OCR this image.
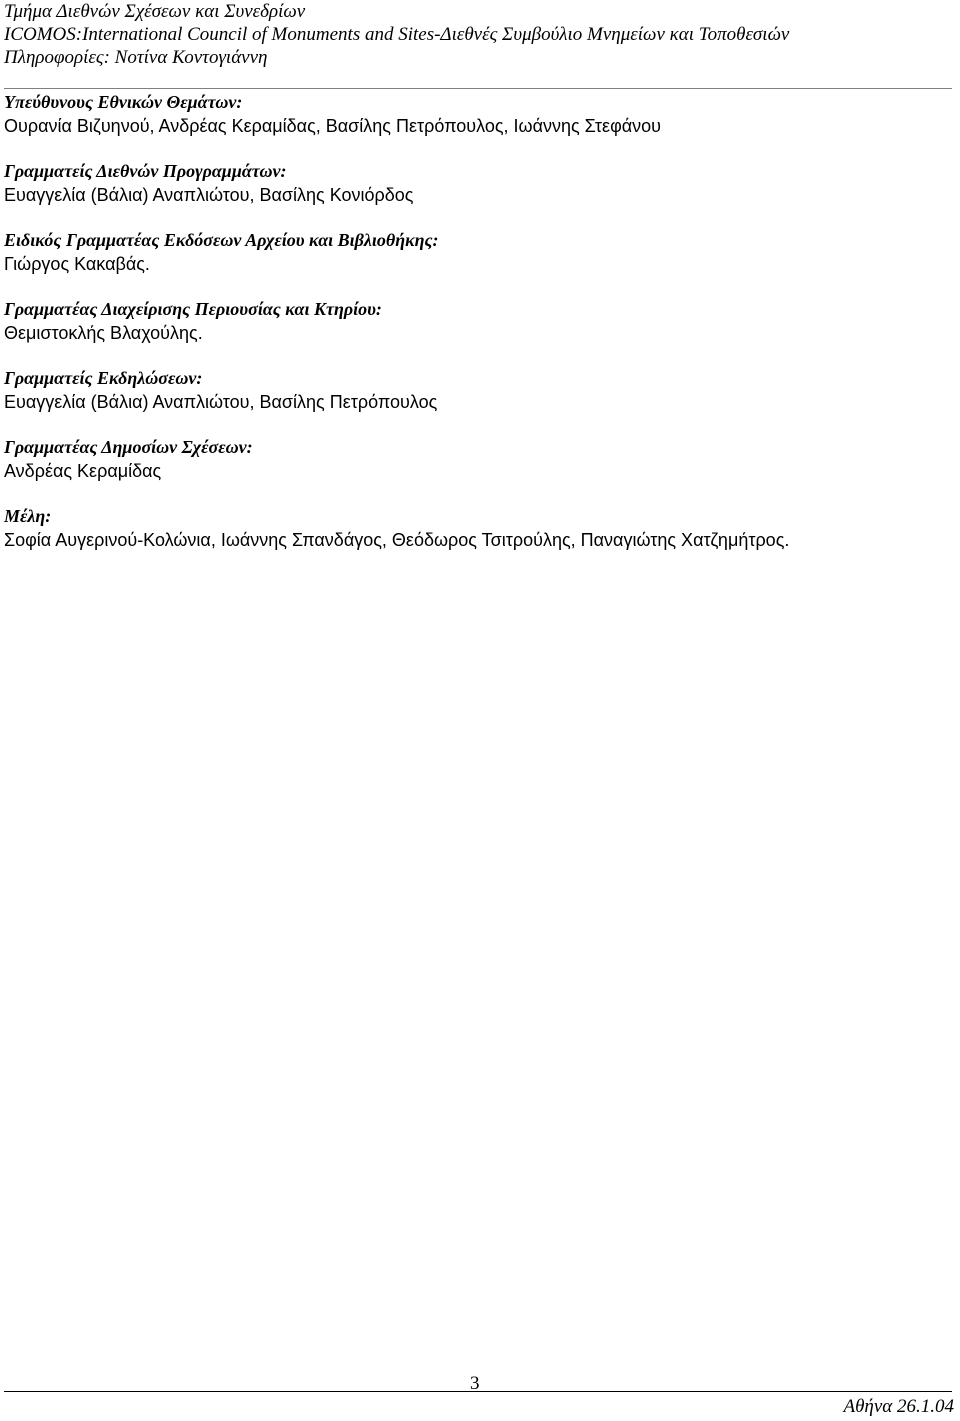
Τμήμα Διεθνών Σχέσεων και Συνεδρίων
ICOMOS:International Council of Monuments and Sites-Διεθνές Συμβούλιο Μνημείων και Τοποθεσιών
Πληροφορίες: Νοτίνα Κοντογιάννη
Υπεύθυνους Εθνικών Θεμάτων:
Ουρανία Βιζυηνού, Ανδρέας Κεραμίδας, Βασίλης Πετρόπουλος, Ιωάννης Στεφάνου
Γραμματείς Διεθνών Προγραμμάτων:
Ευαγγελία (Βάλια) Αναπλιώτου, Βασίλης Κονιόρδος
Ειδικός Γραμματέας Εκδόσεων Αρχείου και Βιβλιοθήκης:
Γιώργος Κακαβάς.
Γραμματέας Διαχείρισης Περιουσίας και Κτηρίου:
Θεμιστοκλής Βλαχούλης.
Γραμματείς Εκδηλώσεων:
Ευαγγελία (Βάλια) Αναπλιώτου, Βασίλης Πετρόπουλος
Γραμματέας Δημοσίων Σχέσεων:
Ανδρέας Κεραμίδας
Μέλη:
Σοφία Αυγερινού-Κολώνια, Ιωάννης Σπανδάγος, Θεόδωρος Τσιτρούλης, Παναγιώτης Χατζημήτρος.
3
Αθήνα 26.1.04
